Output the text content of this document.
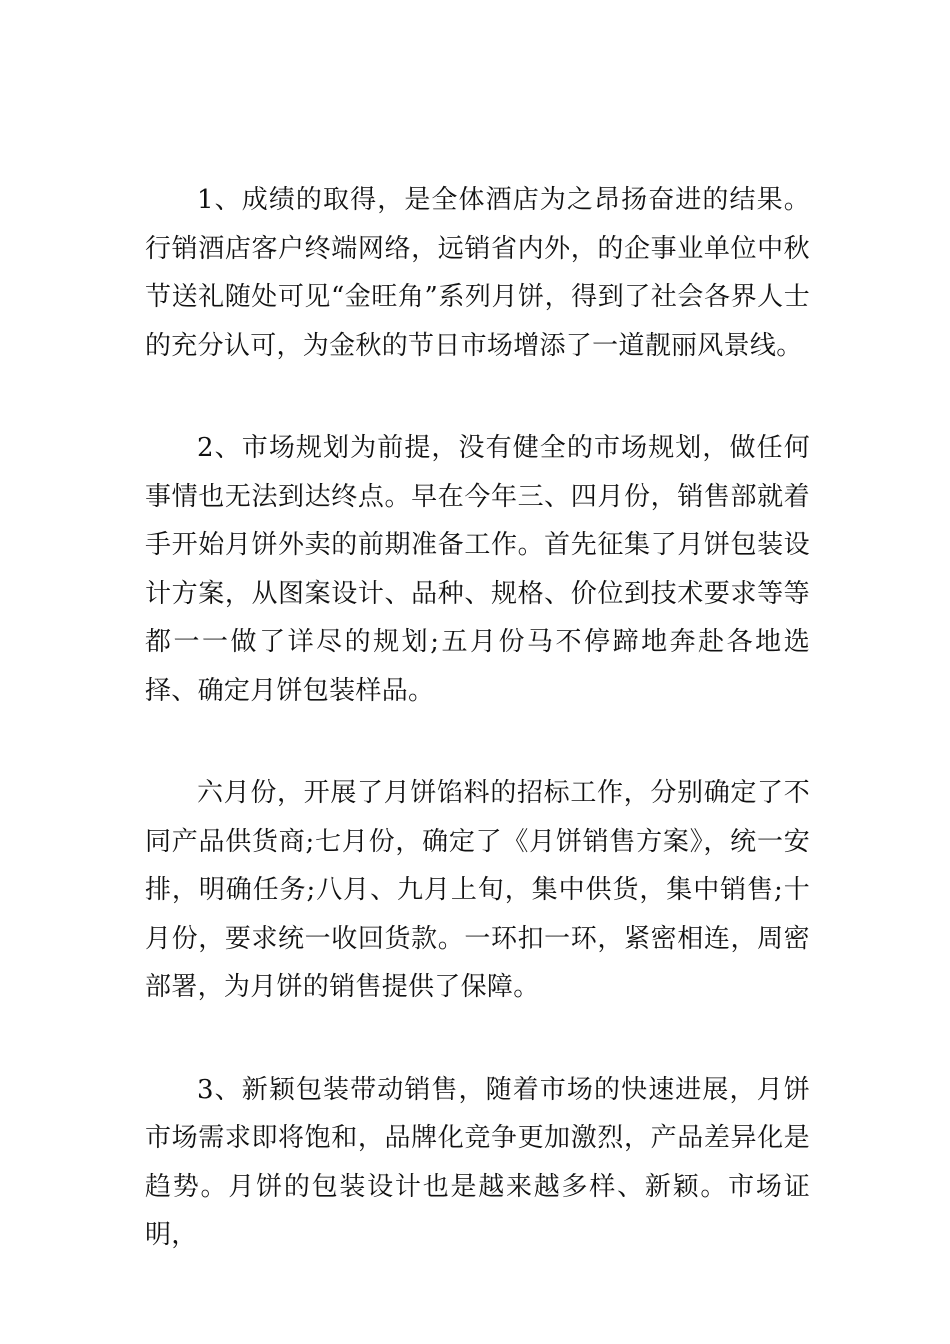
1、成绩的取得，是全体酒店为之昂扬奋进的结果。行销酒店客户终端网络，远销省内外，的企事业单位中秋节送礼随处可见“金旺角”系列月饼，得到了社会各界人士的充分认可，为金秋的节日市场增添了一道靓丽风景线。

2、市场规划为前提，没有健全的市场规划，做任何事情也无法到达终点。早在今年三、四月份，销售部就着手开始月饼外卖的前期准备工作。首先征集了月饼包装设计方案，从图案设计、品种、规格、价位到技术要求等等都一一做了详尽的规划;五月份马不停蹄地奔赴各地选择、确定月饼包装样品。

六月份，开展了月饼馅料的招标工作，分别确定了不同产品供货商;七月份，确定了《月饼销售方案》，统一安排，明确任务;八月、九月上旬，集中供货，集中销售;十月份，要求统一收回货款。一环扣一环，紧密相连，周密部署，为月饼的销售提供了保障。

3、新颖包装带动销售，随着市场的快速进展，月饼市场需求即将饱和，品牌化竞争更加激烈，产品差异化是趋势。月饼的包装设计也是越来越多样、新颖。市场证明，
